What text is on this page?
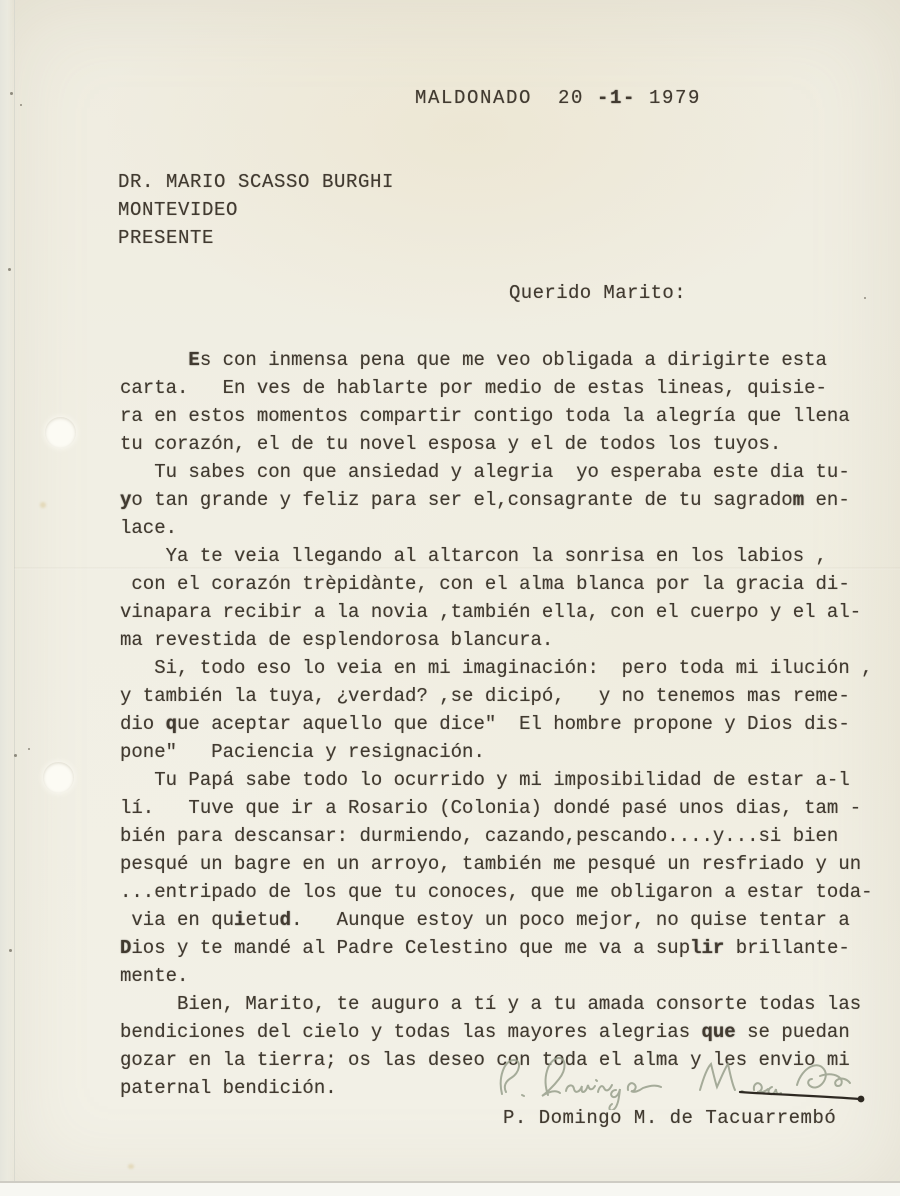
MALDONADO  20 -1- 1979
DR. MARIO SCASSO BURGHI
MONTEVIDEO
PRESENTE
Querido Marito:
Es con inmensa pena que me veo obligada a dirigirte esta
carta.   En ves de hablarte por medio de estas lineas, quisie-
ra en estos momentos compartir contigo toda la alegría que llena
tu corazón, el de tu novel esposa y el de todos los tuyos.
Tu sabes con que ansiedad y alegria  yo esperaba este dia tu-
yo tan grande y feliz para ser el,consagrante de tu sagradom en-
lace.
Ya te veia llegando al altarcon la sonrisa en los labios ,
con el corazón trèpidànte, con el alma blanca por la gracia di-
vinapara recibir a la novia ,también ella, con el cuerpo y el al-
ma revestida de esplendorosa blancura.
Si, todo eso lo veia en mi imaginación:  pero toda mi ilución ,
y también la tuya, ¿verdad? ,se dicipó,   y no tenemos mas reme-
dio que aceptar aquello que dice"  El hombre propone y Dios dis-
pone"   Paciencia y resignación.
Tu Papá sabe todo lo ocurrido y mi imposibilidad de estar a-l
lí.   Tuve que ir a Rosario (Colonia) dondé pasé unos dias, tam -
bién para descansar: durmiendo, cazando,pescando....y...si bien
pesqué un bagre en un arroyo, también me pesqué un resfriado y un
...entripado de los que tu conoces, que me obligaron a estar toda-
via en quietud.   Aunque estoy un poco mejor, no quise tentar a
Dios y te mandé al Padre Celestino que me va a suplir brillante-
mente.
Bien, Marito, te auguro a tí y a tu amada consorte todas las
bendiciones del cielo y todas las mayores alegrias que se puedan
gozar en la tierra; os las deseo con toda el alma y les envio mi
paternal bendición.
P. Domingo M. de Tacuarrembó
